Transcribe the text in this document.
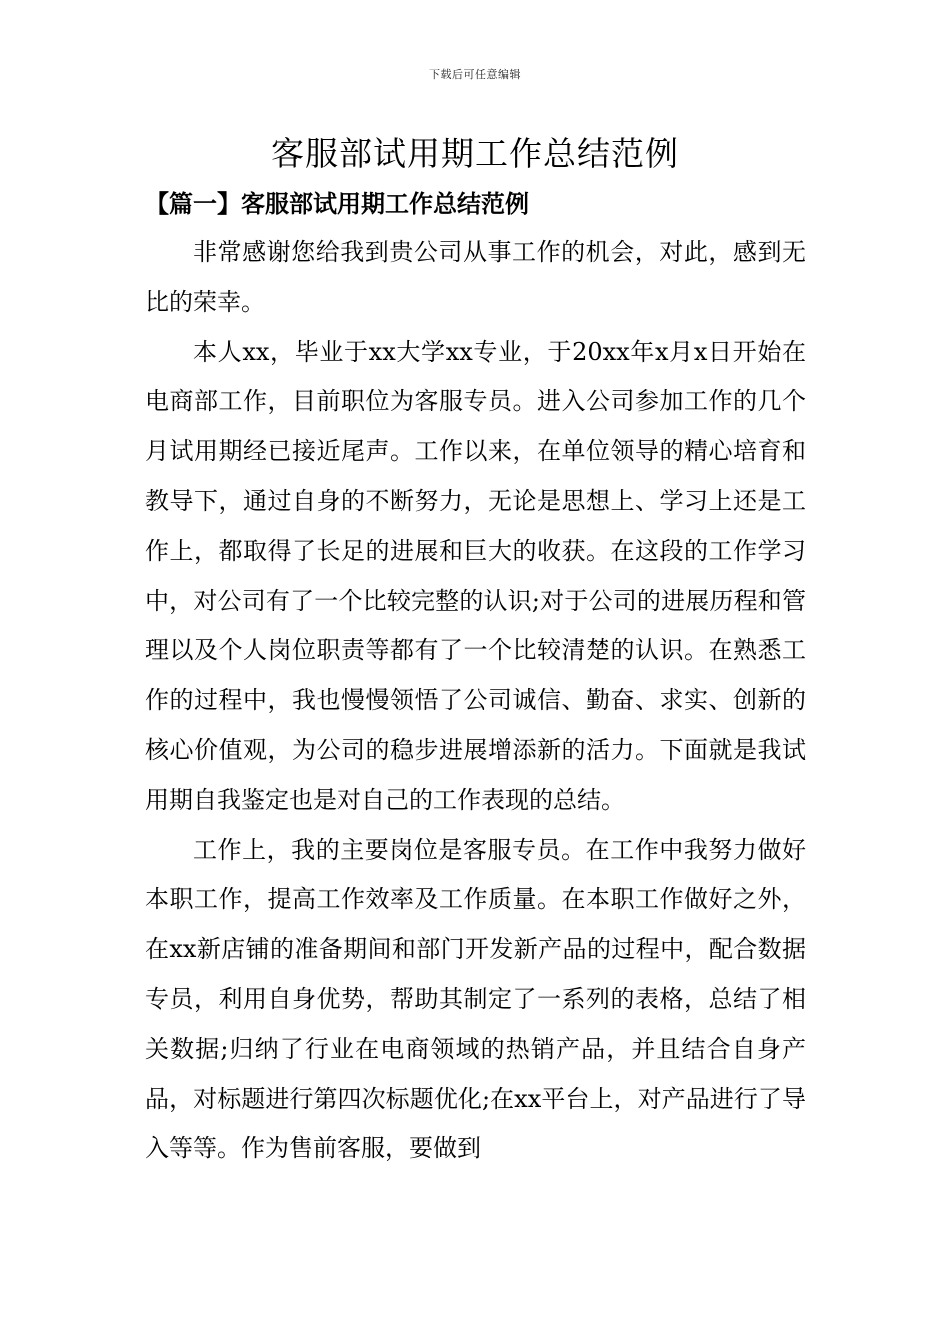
下载后可任意编辑
客服部试用期工作总结范例
【篇一】客服部试用期工作总结范例

非常感谢您给我到贵公司从事工作的机会，对此，感到无比的荣幸。

本人xx，毕业于xx大学xx专业，于20xx年x月x日开始在电商部工作，目前职位为客服专员。进入公司参加工作的几个月试用期经已接近尾声。工作以来，在单位领导的精心培育和教导下，通过自身的不断努力，无论是思想上、学习上还是工作上，都取得了长足的进展和巨大的收获。在这段的工作学习中，对公司有了一个比较完整的认识;对于公司的进展历程和管理以及个人岗位职责等都有了一个比较清楚的认识。在熟悉工作的过程中，我也慢慢领悟了公司诚信、勤奋、求实、创新的核心价值观，为公司的稳步进展增添新的活力。下面就是我试用期自我鉴定也是对自己的工作表现的总结。

工作上，我的主要岗位是客服专员。在工作中我努力做好本职工作，提高工作效率及工作质量。在本职工作做好之外，在xx新店铺的准备期间和部门开发新产品的过程中，配合数据专员，利用自身优势，帮助其制定了一系列的表格，总结了相关数据;归纳了行业在电商领域的热销产品，并且结合自身产品，对标题进行第四次标题优化;在xx平台上，对产品进行了导入等等。作为售前客服，要做到
